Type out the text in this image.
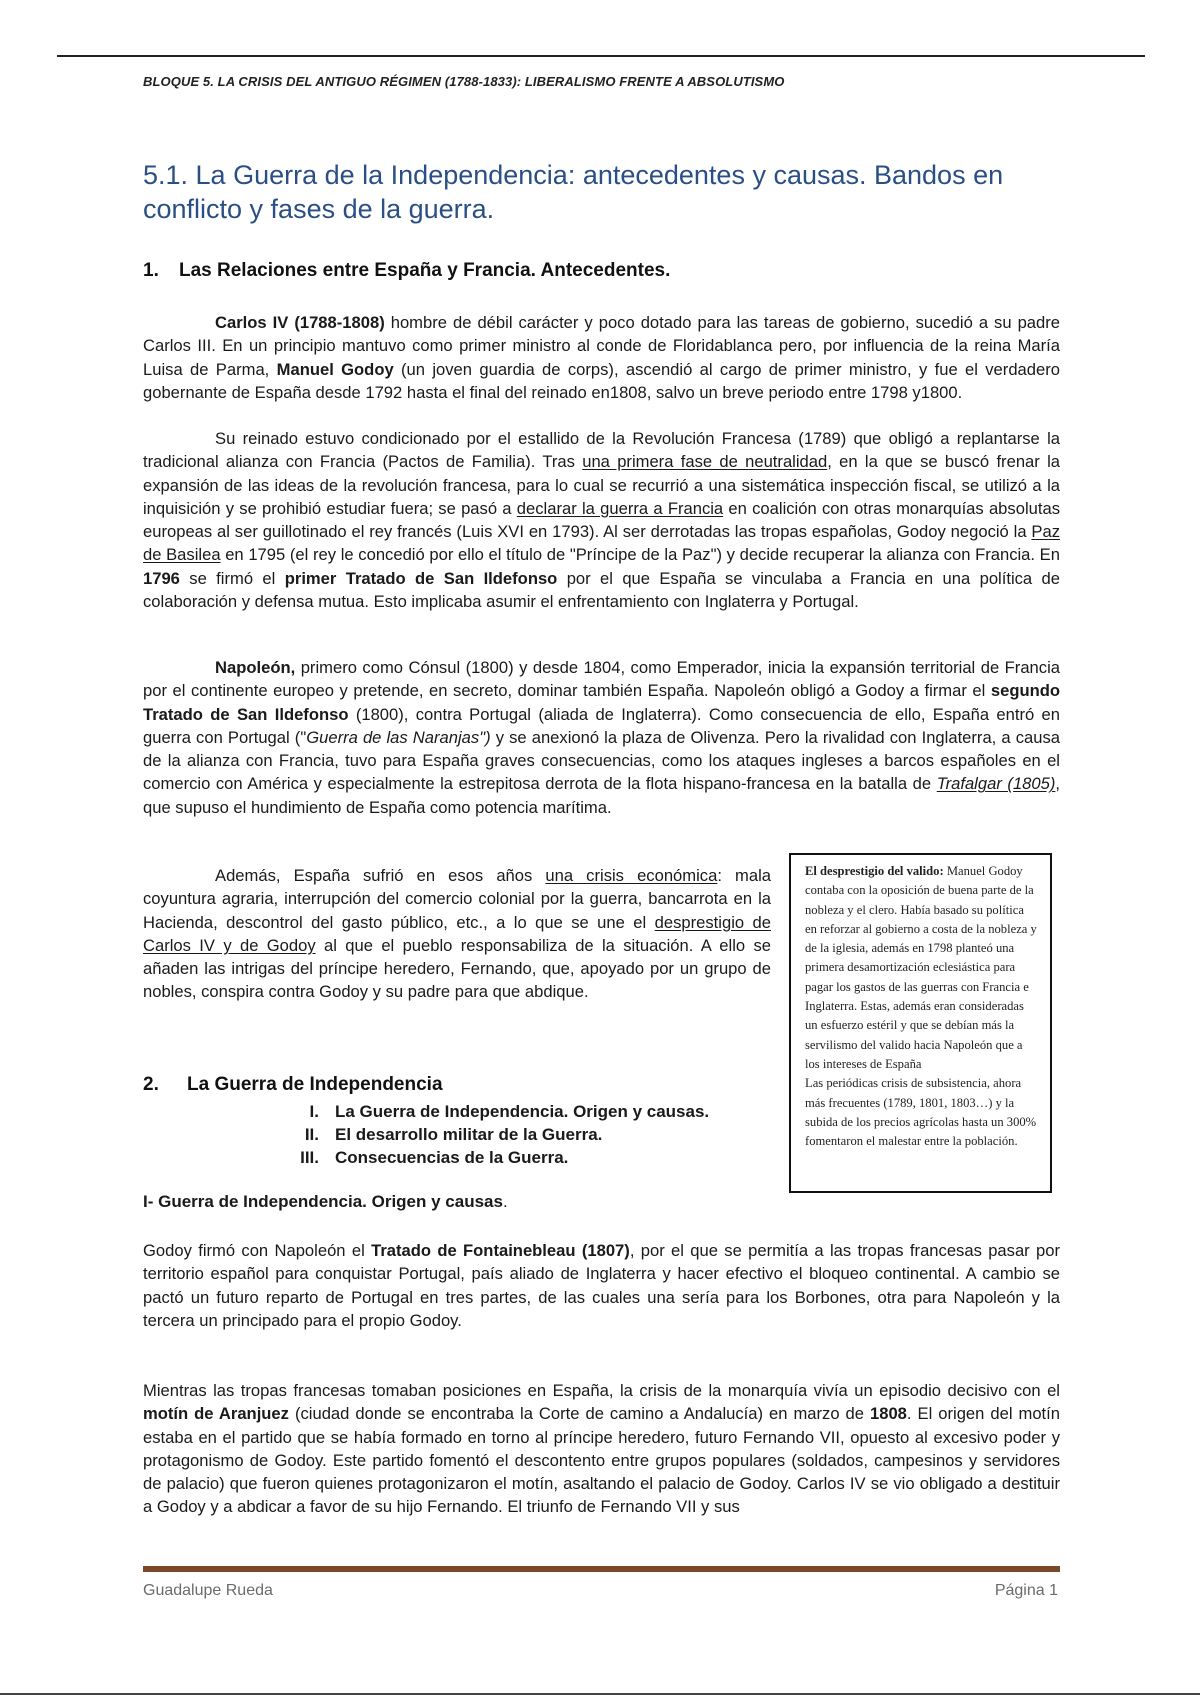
BLOQUE 5. LA CRISIS DEL ANTIGUO RÉGIMEN (1788-1833): LIBERALISMO FRENTE A ABSOLUTISMO
5.1. La Guerra de la Independencia: antecedentes y causas. Bandos en conflicto y fases de la guerra.
1. Las Relaciones entre España y Francia. Antecedentes.

Carlos IV (1788-1808) hombre de débil carácter y poco dotado para las tareas de gobierno, sucedió a su padre Carlos III. En un principio mantuvo como primer ministro al conde de Floridablanca pero, por influencia de la reina María Luisa de Parma, Manuel Godoy (un joven guardia de corps), ascendió al cargo de primer ministro, y fue el verdadero gobernante de España desde 1792 hasta el final del reinado en1808, salvo un breve periodo entre 1798 y1800.

Su reinado estuvo condicionado por el estallido de la Revolución Francesa (1789) que obligó a replantarse la tradicional alianza con Francia (Pactos de Familia). Tras una primera fase de neutralidad, en la que se buscó frenar la expansión de las ideas de la revolución francesa, para lo cual se recurrió a una sistemática inspección fiscal, se utilizó a la inquisición y se prohibió estudiar fuera; se pasó a declarar la guerra a Francia en coalición con otras monarquías absolutas europeas al ser guillotinado el rey francés (Luis XVI en 1793). Al ser derrotadas las tropas españolas, Godoy negoció la Paz de Basilea en 1795 (el rey le concedió por ello el título de "Príncipe de la Paz") y decide recuperar la alianza con Francia. En 1796 se firmó el primer Tratado de San Ildefonso por el que España se vinculaba a Francia en una política de colaboración y defensa mutua. Esto implicaba asumir el enfrentamiento con Inglaterra y Portugal.

Napoleón, primero como Cónsul (1800) y desde 1804, como Emperador, inicia la expansión territorial de Francia por el continente europeo y pretende, en secreto, dominar también España. Napoleón obligó a Godoy a firmar el segundo Tratado de San Ildefonso (1800), contra Portugal (aliada de Inglaterra). Como consecuencia de ello, España entró en guerra con Portugal ("Guerra de las Naranjas") y se anexionó la plaza de Olivenza. Pero la rivalidad con Inglaterra, a causa de la alianza con Francia, tuvo para España graves consecuencias, como los ataques ingleses a barcos españoles en el comercio con América y especialmente la estrepitosa derrota de la flota hispano-francesa en la batalla de Trafalgar (1805), que supuso el hundimiento de España como potencia marítima.

Además, España sufrió en esos años una crisis económica: mala coyuntura agraria, interrupción del comercio colonial por la guerra, bancarrota en la Hacienda, descontrol del gasto público, etc., a lo que se une el desprestigio de Carlos IV y de Godoy al que el pueblo responsabiliza de la situación. A ello se añaden las intrigas del príncipe heredero, Fernando, que, apoyado por un grupo de nobles, conspira contra Godoy y su padre para que abdique.

El desprestigio del valido: Manuel Godoy contaba con la oposición de buena parte de la nobleza y el clero. Había basado su política en reforzar al gobierno a costa de la nobleza y de la iglesia, además en 1798 planteó una primera desamortización eclesiástica para pagar los gastos de las guerras con Francia e Inglaterra. Estas, además eran consideradas un esfuerzo estéril y que se debían más la servilismo del valido hacia Napoleón que a los intereses de España

Las periódicas crisis de subsistencia, ahora más frecuentes (1789, 1801, 1803…) y la subida de los precios agrícolas hasta un 300% fomentaron el malestar entre la población.

2. La Guerra de Independencia
I. La Guerra de Independencia. Origen y causas.
II. El desarrollo militar de la Guerra.
III. Consecuencias de la Guerra.
I- Guerra de Independencia. Origen y causas.

Godoy firmó con Napoleón el Tratado de Fontainebleau (1807), por el que se permitía a las tropas francesas pasar por territorio español para conquistar Portugal, país aliado de Inglaterra y hacer efectivo el bloqueo continental. A cambio se pactó un futuro reparto de Portugal en tres partes, de las cuales una sería para los Borbones, otra para Napoleón y la tercera un principado para el propio Godoy.

Mientras las tropas francesas tomaban posiciones en España, la crisis de la monarquía vivía un episodio decisivo con el motín de Aranjuez (ciudad donde se encontraba la Corte de camino a Andalucía) en marzo de 1808. El origen del motín estaba en el partido que se había formado en torno al príncipe heredero, futuro Fernando VII, opuesto al excesivo poder y protagonismo de Godoy. Este partido fomentó el descontento entre grupos populares (soldados, campesinos y servidores de palacio) que fueron quienes protagonizaron el motín, asaltando el palacio de Godoy. Carlos IV se vio obligado a destituir a Godoy y a abdicar a favor de su hijo Fernando. El triunfo de Fernando VII y sus

Guadalupe Rueda	Página 1
